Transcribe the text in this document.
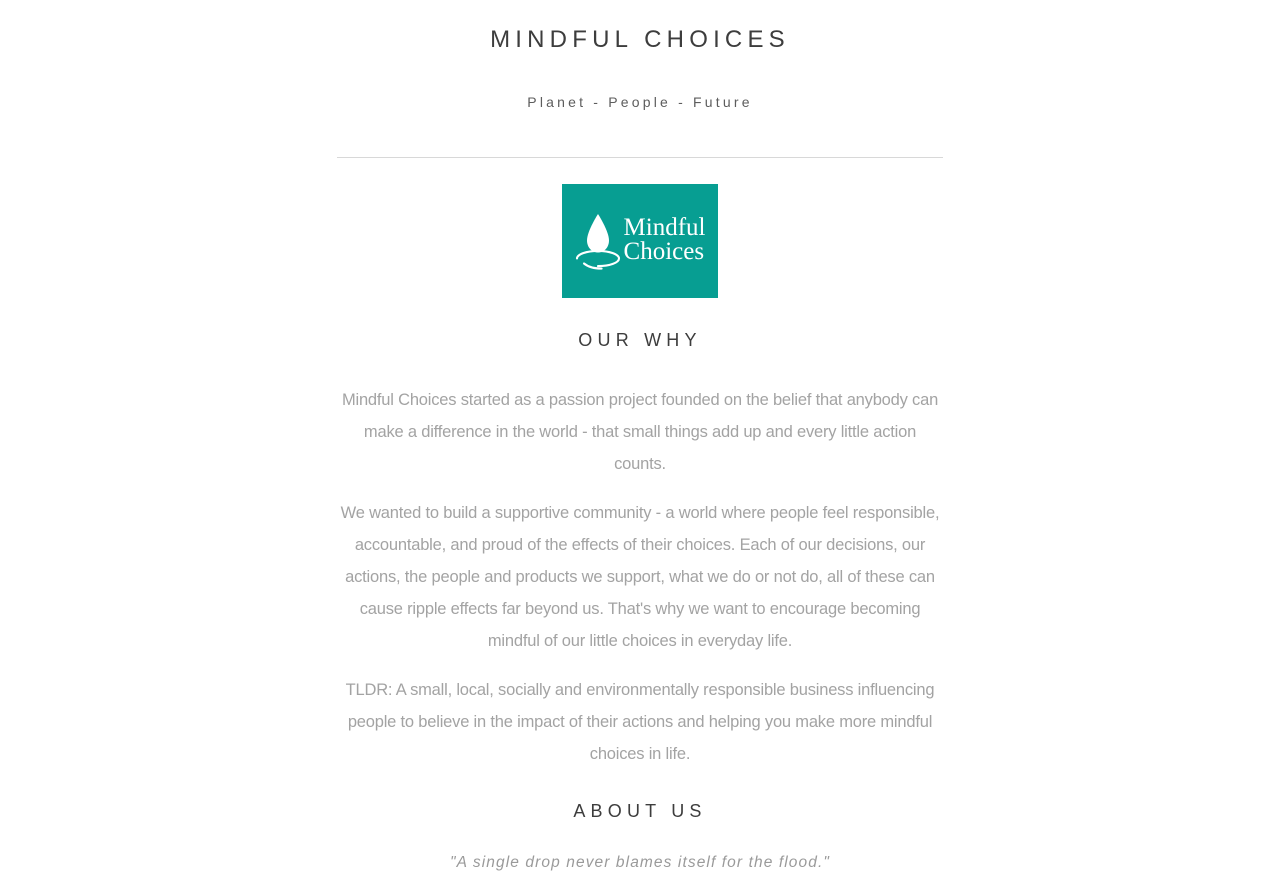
MINDFUL CHOICES

Planet - People - Future

Mindful
Choices
OUR WHY

Mindful Choices started as a passion project founded on the belief that anybody can make a difference in the world - that small things add up and every little action counts.

We wanted to build a supportive community - a world where people feel responsible, accountable, and proud of the effects of their choices. Each of our decisions, our actions, the people and products we support, what we do or not do, all of these can cause ripple effects far beyond us. That's why we want to encourage becoming mindful of our little choices in everyday life.

TLDR: A small, local, socially and environmentally responsible business influencing people to believe in the impact of their actions and helping you make more mindful choices in life.

ABOUT US

"A single drop never blames itself for the flood."
